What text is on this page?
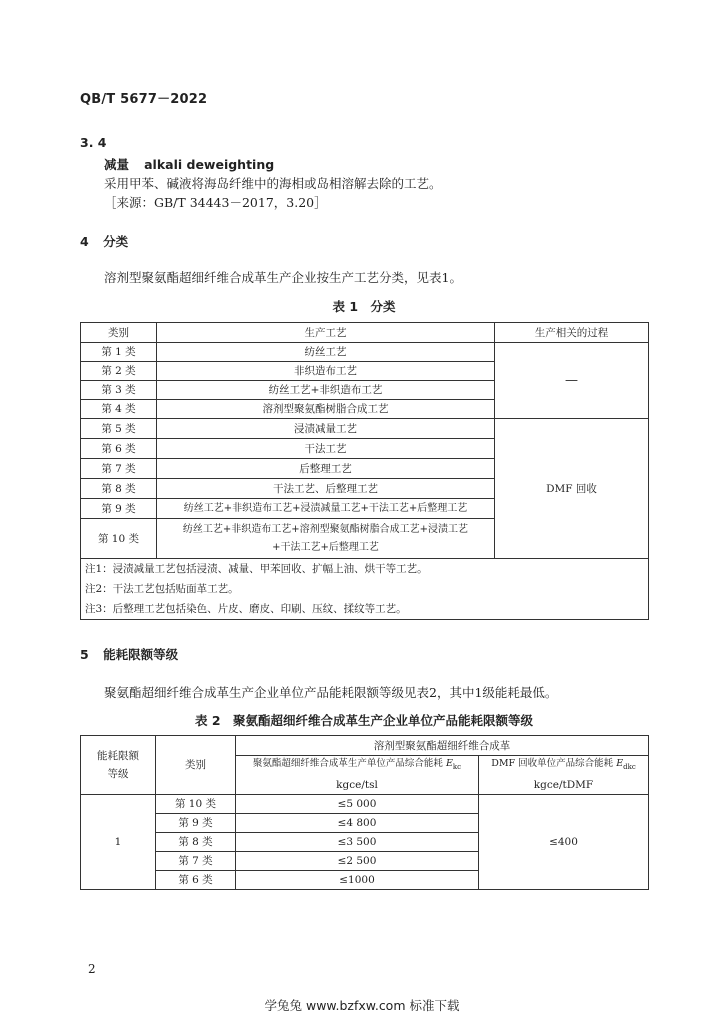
QB/T 5677－2022
3. 4
减量 alkali deweighting
采用甲苯、碱液将海岛纤维中的海相或岛相溶解去除的工艺。
［来源：GB/T 34443－2017，3.20］
4 分类
溶剂型聚氨酯超细纤维合成革生产企业按生产工艺分类，见表1。
表 1　分类
类别	生产工艺	生产相关的过程
第 1 类	纺丝工艺	—
第 2 类	非织造布工艺	
第 3 类	纺丝工艺+非织造布工艺	
第 4 类	溶剂型聚氨酯树脂合成工艺	
第 5 类	浸渍减量工艺	DMF 回收
第 6 类	干法工艺	
第 7 类	后整理工艺	
第 8 类	干法工艺、后整理工艺	
第 9 类	纺丝工艺+非织造布工艺+浸渍减量工艺+干法工艺+后整理工艺	
第 10 类	纺丝工艺+非织造布工艺+溶剂型聚氨酯树脂合成工艺+浸渍工艺
+干法工艺+后整理工艺	

注1：浸渍减量工艺包括浸渍、减量、甲苯回收、扩幅上油、烘干等工艺。
注2：干法工艺包括贴面革工艺。
注3：后整理工艺包括染色、片皮、磨皮、印刷、压纹、揉纹等工艺。		
5 能耗限额等级
聚氨酯超细纤维合成革生产企业单位产品能耗限额等级见表2，其中1级能耗最低。
表 2　聚氨酯超细纤维合成革生产企业单位产品能耗限额等级
能耗限额
等级	类别	溶剂型聚氨酯超细纤维合成革	
		聚氨酯超细纤维合成革生产单位产品综合能耗 $E_{kc}$	DMF 回收单位产品综合能耗 $E_{dkc}$
		kgce/tsl	kgce/tDMF
1	第 10 类	≤5 000	≤400
	第 9 类	≤4 800	
	第 8 类	≤3 500	
	第 7 类	≤2 500	
	第 6 类	≤1000	
2
学兔兔 www.bzfxw.com 标准下载
